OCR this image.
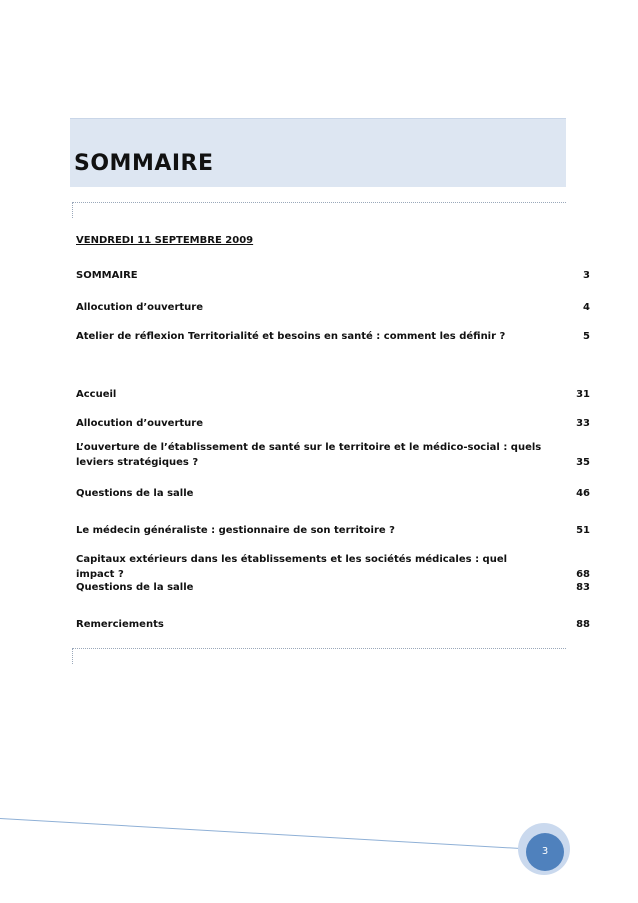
SOMMAIRE
VENDREDI 11 SEPTEMBRE 2009
SOMMAIRE	3
Allocution d’ouverture	4
Atelier de réflexion Territorialité et besoins en santé : comment les définir ?	5
Accueil	31
Allocution d’ouverture	33
L’ouverture de l’établissement de santé sur le territoire et le médico-social : quels leviers stratégiques ?	35
Questions de la salle	46
Le médecin généraliste : gestionnaire de son territoire ?	51
Capitaux extérieurs dans les établissements et les sociétés médicales : quel impact ?	68
Questions de la salle	83
Remerciements	88
3
